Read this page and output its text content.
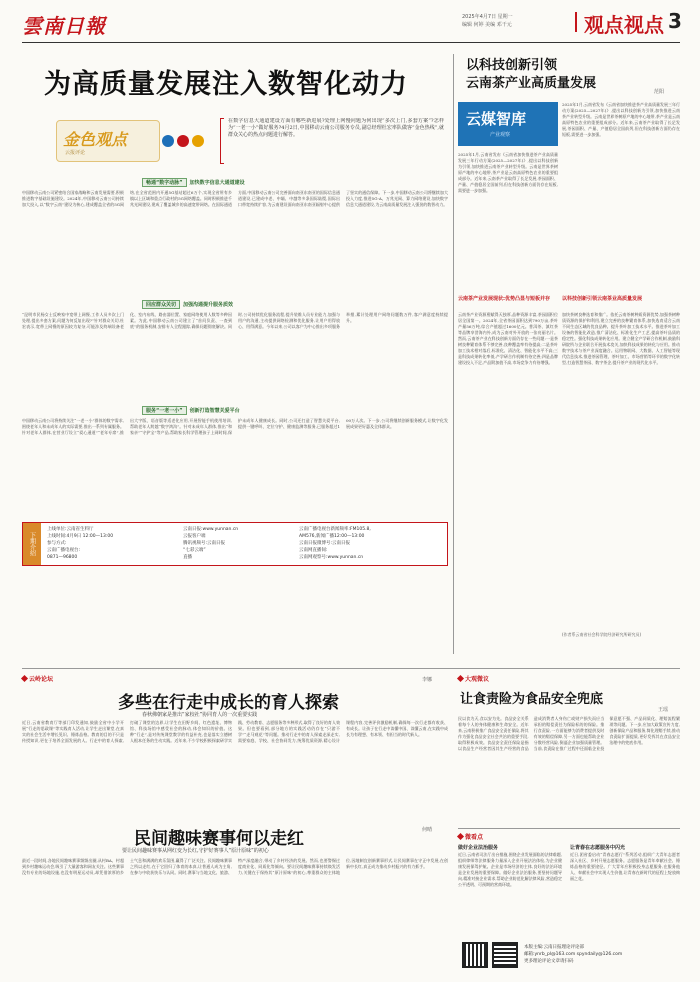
雲南日報	2025年4月7日 星期一
编辑 何婷 美编 邓干元	观点视点 3
为高质量发展注入数智化动力
金色观点
云报评论
在数字信息大通道建设方面有哪些新进展?处理上网慢问题为何出现“多次上门,多套方案”?怎样为“一老一小”做好服务?4月2日,中国移动云南公司服务专员,副总经理杜宏率队做客“金色热线”,就群众关心的热点问题进行解答。
畅通“数字动脉”	加快数字信息大通道建设
中国移动云南公司紧密结合国家战略和云南发展需要,积极推进数字基础设施建设。2024年,中国移动云南公司持续加大投入,以“数字云南”建设为核心,建成覆盖全省的5G网络,在全省范围内开通5G基站超过6万个,实现全省所有乡镇以上区域和重点行政村的5G网络覆盖。同时积极推进千兆光网建设,建成了覆盖城乡的高速宽带网络。在国际通道方面,中国移动云南公司完善面向南亚东南亚的国际信息通道建设,已建成中老、中缅、中越等多条国际陆缆,国际出口带宽持续扩容,为云南建设面向南亚东南亚辐射中心提供了坚实的通信保障。下一步,中国移动云南公司将继续加大投入力度,推进5G-A、万兆光网、算力网络建设,加快数字信息大通道建设,为云南高质量发展注入强劲的数智动力。
回应群众关切	加强沟通提升服务质效
“昆明市民杨女士反映家中宽带上网慢,工作人员多次上门处理,提出多套方案,问题为何反复出现?”针对群众关切,杜宏表示,宽带上网慢的原因较为复杂,可能涉及终端设备老化、室内布线、路由器位置、家庭网络使用人数等多种因素。为此,中国移动云南公司建立了“首问负责、一查到底”的服务机制,安排专人全程跟踪,确保问题彻底解决。同时,公司持续优化服务流程,提升装维人员专业能力,加强与用户的沟通,主动提供网络检测和优化服务,让用户用得放心、用得满意。今年以来,公司以客户为中心推出多项服务举措,累计处理用户网络问题数万件,客户满意度持续提升。
服务“一老一小”	创新打造智慧关爱平台
中国移动云南公司将持续关注“一老一小”群体的数字需求,围绕老年人和未成年人的实际需要,推出一系列专属服务。针对老年人群体,在营业厅设立“爱心通道”“老年专席”,推出大字版、语音版等适老化应用,开展智能手机使用培训,帮助老年人跨越“数字鸿沟”。针对未成年人群体,推出“和家亲”“守护宝”等产品,帮助家长科学管理孩子上网时间,保护未成年人健康成长。同时,公司还打造了智慧关爱平台,提供一键呼叫、定位守护、健康监测等服务,已服务超过100万人次。下一步,公司将继续创新服务模式,让数字化发展成果更好惠及全体群众。
下期介绍
上线单位:云南省生料厅
上线时间:4月9日 12:00—13:00
参与方式:
云南广播电视台:
0871—96800
云南日报:www.yunnan.cn
云报客户端
腾讯视频号:云南日报
“七彩云端”
直播
云南广播电视台新闻频率:FM105.8,
AM576,新闻广播12:00—13:00
云南日报微博号:云南日报
云南网直播间:
云南网观察号:www.yunnan.cn
以科技创新引领
云南茶产业高质量发展
范阳
云媒智库
产业观察
2025年1月,云南省发布《云南省加快推进茶产业高质量发展三年行动方案(2025—2027年)》,提出以科技创新为引领,加快推进云南茶产业转型升级。云南是世界茶树原产地的中心地带,茶产业是云南高原特色农业的重要组成部分。近年来,云南茶产业取得了长足发展,茶园面积、产量、产值稳居全国前列,但在科技创新方面仍存在短板,需要进一步加强。
2025年1月,云南省发布《云南省加快推进茶产业高质量发展三年行动方案(2025—2027年)》,提出以科技创新为引领,加快推进云南茶产业转型升级。云南是世界茶树原产地的中心地带,茶产业是云南高原特色农业的重要组成部分。近年来,云南茶产业取得了长足发展,茶园面积、产量、产值稳居全国前列,但在科技创新方面仍存在短板,需要进一步加强。
云南茶产业发展现状:优势凸显与短板并存
云南茶产业资源禀赋得天独厚,品种资源丰富,茶园面积位居全国第一。2024年,全省茶园面积达到790万亩,茶叶产量56万吨,综合产值超过1600亿元。普洱茶、滇红茶等品牌享誉海内外,成为云南对外开放的一张亮丽名片。然而,云南茶产业在科技创新方面仍存在一些问题:一是茶树良种繁育体系不够完善,良种覆盖率有待提高;二是茶叶加工技术相对落后,标准化、清洁化、智能化水平不高;三是科技成果转化率低,产学研合作机制有待完善;四是品牌建设投入不足,产品附加值不高,市场竞争力有待增强。
以科技创新引领云南茶业高质量发展
加快茶树良种选育和推广。依托云南茶树种质资源优势,加强茶树种质资源的保护和利用,建立完善的良种繁育体系,加快选育适合云南不同生态区域的优良品种。提升茶叶加工技术水平。推进茶叶加工设备的智能化改造,推广清洁化、标准化生产工艺,提高茶叶品质的稳定性。强化科技成果转化应用。建立健全产学研合作机制,鼓励科研院所与企业联合开展技术攻关,加快科技成果的转化与应用。推动数字技术与茶产业深度融合。运用物联网、大数据、人工智能等现代信息技术,推进茶园管理、茶叶加工、市场营销等环节的数字化转型,打造智慧茶园、数字茶企,提升茶产业的现代化水平。
(作者系云南省社会科学院经济研究所研究员)
云岭论坛	李娜
多些在行走中成长的育人探索
春秋佛朝家是推出“家校社”协同育人的一次重要实践
近日,云南省教育厅等部门印发通知,鼓励全省中小学开展“行走的思政课”等实践育人活动,让学生走出课堂,在真实的社会生活中增长见识、锤炼品格。教育的目的不只是传授知识,更在于培养全面发展的人。行走中的育人探索,打破了课堂的边界,让学生在田野乡间、红色遗址、博物馆、科技场馆中感受社会的脉动,体会知识的价值。这种“行走”,是对传统课堂教学的有益补充,也是落实立德树人根本任务的生动实践。近年来,不少学校积极探索研学实践、劳动教育、志愿服务等多种形式,取得了良好的育人效果。但也要看到,部分地方的实践活动仍存在“只游不学”“走马观花”等问题。推动行走中的育人探索走深走实,需要家庭、学校、社会协同发力,统筹优质资源,精心设计课程内容,完善评价激励机制,确保每一次行走都有收获、有成长。让孩子在行走中读懂中国、读懂云南,在实践中成长为有理想、有本领、有担当的时代新人。
民间趣味赛事何以走红	何晴
要让民间趣味赛事从网红变为长红,守护好赛事人“原汁原味”的初心
最近一段时间,各地民间趣味赛事频频出圈,从村BA、村超到乡村趣味运动会,吸引了大量游客和网友关注。这些赛事没有专业的场地设施,也没有明星运动员,却凭借浓厚的乡土气息和满满的欢乐氛围,赢得了广泛关注。民间趣味赛事之所以走红,在于它回归了体育的本真,让普通人成为主角,在参与中收获快乐与认同。同时,赛事与当地文化、旅游、特产深度融合,带动了乡村经济的发展。然而,也要警惕过度商业化、同质化等倾向。要让民间趣味赛事持续焕发活力,关键在于保持其“原汁原味”的初心,尊重群众的主体地位,因地制宜创新赛事形式,让民间赛事在守正中发展,在创新中长红,真正成为推动乡村振兴的有力抓手。
大观微议
让食责险为食品安全兜底
王瑶
民以食为天,食以安为先。食品安全关系着每个人的身体健康和生命安全。近年来,云南积极推广食品安全责任保险,将其作为强化食品安全社会共治的重要手段,取得积极成效。食品安全责任保险是指以食品生产经营者因其生产经营的食品造成消费者人身伤亡或财产损失而应当承担的赔偿责任为保险标的的保险。推行食责险,一方面能够为消费者提供及时有效的赔偿保障,另一方面也能帮助企业分散经营风险,倒逼企业加强质量管理。当前,食责险在推广过程中还面临企业投保意愿不强、产品同质化、理赔流程繁琐等问题。下一步,应加大政策宣传力度,创新保险产品和服务,简化理赔手续,推动食责险扩面提质,更好发挥其在食品安全治理中的兜底作用。
微看点
做好企业法治服务
近日,云南省司法厅出台措施,围绕企业发展面临的法律难题,组织律师等法律服务力量深入企业开展法治体检,为企业健康发展保驾护航。企业是市场经济的主体,良好的法治环境是企业发展的重要保障。做好企业法治服务,要坚持问题导向,精准对接企业需求,帮助企业防范化解法律风险,营造稳定公平透明、可预期的营商环境。
让青春在志愿服务中闪光
近日,团省委启动“青春志愿行”系列活动,组织广大青年志愿者深入社区、乡村开展志愿服务。志愿服务是青年奉献社会、锤炼品格的重要途径。广大青年应积极投身志愿服务,在服务他人、奉献社会中实现人生价值,让青春在新时代的征程上绽放绚丽之花。
本版主编:云南日报理论评论部
邮箱:ynrb_pl@163.com spyndaily@126.com
更多理论评论文章请扫码
